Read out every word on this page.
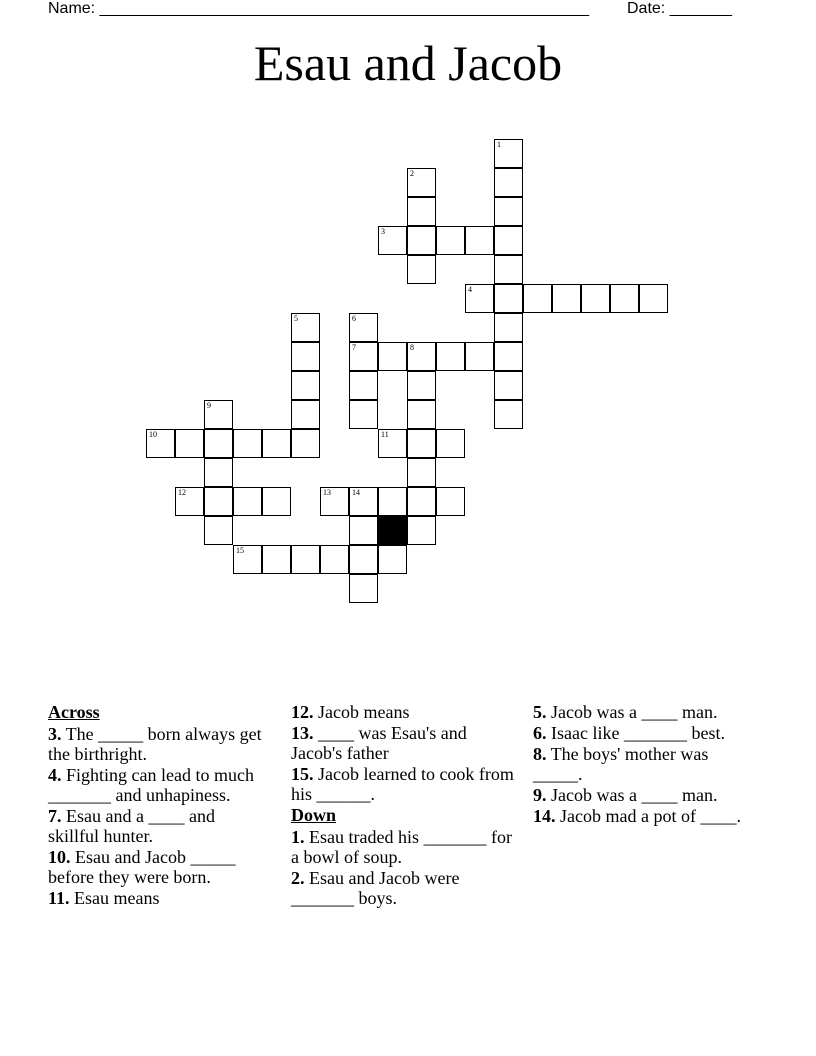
Name: _______________________________________________________ Date: _______
Esau and Jacob
1
2
3
4
5	6
7	8
9
10	11
12	13	14
15
Across
3. The _____ born always get the birthright.
4. Fighting can lead to much _______ and unhapiness.
7. Esau and a ____ and skillful hunter.
10. Esau and Jacob _____ before they were born.
11. Esau means
12. Jacob means
13. ____ was Esau's and Jacob's father
15. Jacob learned to cook from his ______.
Down
1. Esau traded his _______ for a bowl of soup.
2. Esau and Jacob were _______ boys.
5. Jacob was a ____ man.
6. Isaac like _______ best.
8. The boys' mother was _____.
9. Jacob was a ____ man.
14. Jacob mad a pot of ____.
